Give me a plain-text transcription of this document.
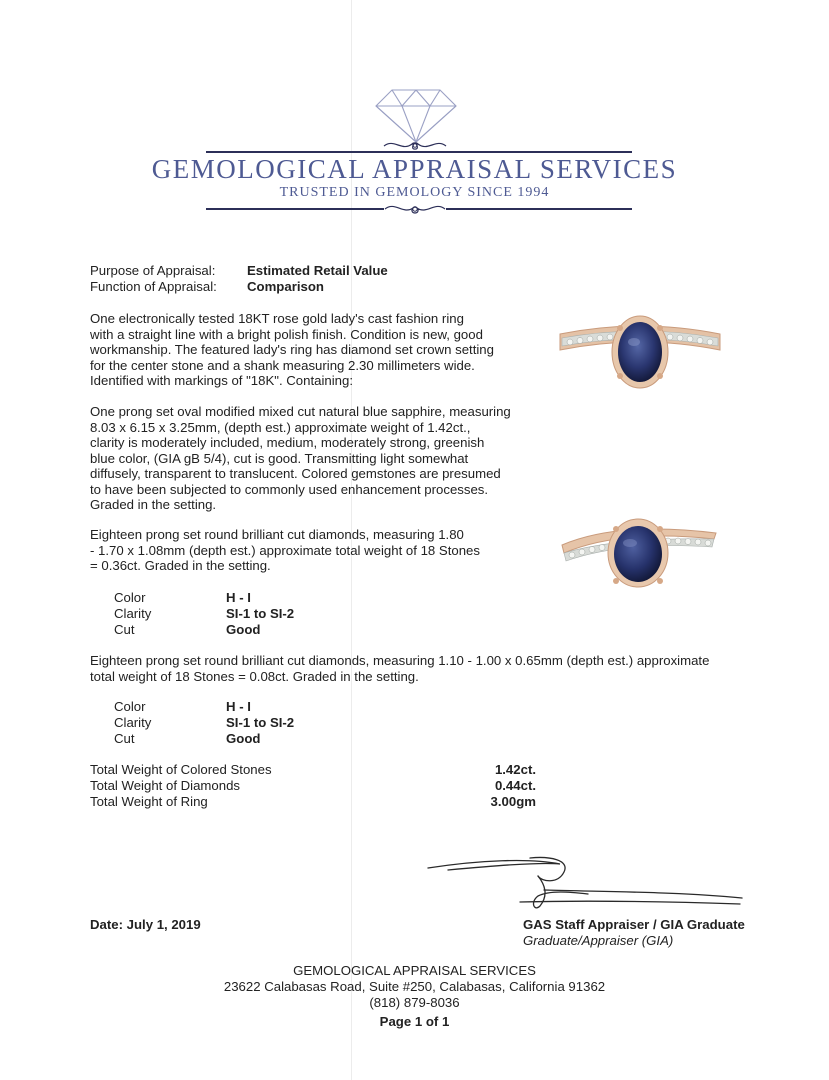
GEMOLOGICAL APPRAISAL SERVICES
TRUSTED IN GEMOLOGY SINCE 1994
Purpose of Appraisal: Estimated Retail Value
Function of Appraisal: Comparison
One electronically tested 18KT rose gold lady's cast fashion ring
with a straight line with a bright polish finish. Condition is new, good
workmanship. The featured lady's ring has diamond set crown setting
for the center stone and a shank measuring 2.30 millimeters wide.
Identified with markings of "18K". Containing:
One prong set oval modified mixed cut natural blue sapphire, measuring
8.03 x 6.15 x 3.25mm, (depth est.) approximate weight of 1.42ct.,
clarity is moderately included, medium, moderately strong, greenish
blue color, (GIA gB 5/4), cut is good. Transmitting light somewhat
diffusely, transparent to translucent. Colored gemstones are presumed
to have been subjected to commonly used enhancement processes.
Graded in the setting.
Eighteen prong set round brilliant cut diamonds, measuring 1.80
- 1.70 x 1.08mm (depth est.) approximate total weight of 18 Stones
= 0.36ct. Graded in the setting.
Color	H - I
Clarity	SI-1 to SI-2
Cut	Good
Eighteen prong set round brilliant cut diamonds, measuring 1.10 - 1.00 x 0.65mm (depth est.) approximate
total weight of 18 Stones = 0.08ct. Graded in the setting.
Color	H - I
Clarity	SI-1 to SI-2
Cut	Good
Total Weight of Colored Stones	1.42ct.
Total Weight of Diamonds	0.44ct.
Total Weight of Ring	3.00gm
Date: July 1, 2019	GAS Staff Appraiser / GIA Graduate
Graduate/Appraiser (GIA)
GEMOLOGICAL APPRAISAL SERVICES
23622 Calabasas Road, Suite #250, Calabasas, California 91362
(818) 879-8036
Page 1 of 1
